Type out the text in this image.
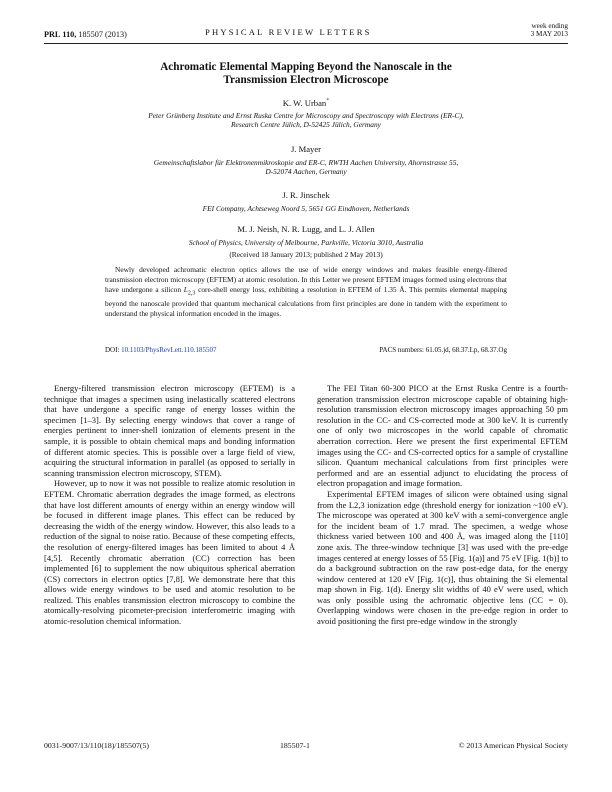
PRL 110, 185507 (2013)	PHYSICAL REVIEW LETTERS
week ending
3 MAY 2013
Achromatic Elemental Mapping Beyond the Nanoscale in the
Transmission Electron Microscope
K. W. Urban*
Peter Grünberg Institute and Ernst Ruska Centre for Microscopy and Spectroscopy with Electrons (ER-C),
Research Centre Jülich, D-52425 Jülich, Germany
J. Mayer
Gemeinschaftslabor für Elektronenmikroskopie and ER-C, RWTH Aachen University, Ahornstrasse 55,
D-52074 Aachen, Germany
J. R. Jinschek
FEI Company, Achtseweg Noord 5, 5651 GG Eindhoven, Netherlands
M. J. Neish, N. R. Lugg, and L. J. Allen
School of Physics, University of Melbourne, Parkville, Victoria 3010, Australia
(Received 18 January 2013; published 2 May 2013)
Newly developed achromatic electron optics allows the use of wide energy windows and makes feasible energy-filtered transmission electron microscopy (EFTEM) at atomic resolution. In this Letter we present EFTEM images formed using electrons that have undergone a silicon $L_{2,3}$ core-shell energy loss, exhibiting a resolution in EFTEM of 1.35 Å. This permits elemental mapping beyond the nanoscale provided that quantum mechanical calculations from first principles are done in tandem with the experiment to understand the physical information encoded in the images.
DOI: 10.1103/PhysRevLett.110.185507	PACS numbers: 61.05.jd, 68.37.Lp, 68.37.Og

Energy-filtered transmission electron microscopy (EFTEM) is a technique that images a specimen using inelastically scattered electrons that have undergone a specific range of energy losses within the specimen [1–3]. By selecting energy windows that cover a range of energies pertinent to inner-shell ionization of elements present in the sample, it is possible to obtain chemical maps and bonding information of different atomic species. This is possible over a large field of view, acquiring the structural information in parallel (as opposed to serially in scanning transmission electron microscopy, STEM).

However, up to now it was not possible to realize atomic resolution in EFTEM. Chromatic aberration degrades the image formed, as electrons that have lost different amounts of energy within an energy window will be focused in different image planes. This effect can be reduced by decreasing the width of the energy window. However, this also leads to a reduction of the signal to noise ratio. Because of these competing effects, the resolution of energy-filtered images has been limited to about 4 Å [4,5]. Recently chromatic aberration (CC) correction has been implemented [6] to supplement the now ubiquitous spherical aberration (CS) correctors in electron optics [7,8]. We demonstrate here that this allows wide energy windows to be used and atomic resolution to be realized. This enables transmission electron microscopy to combine the atomically-resolving picometer-precision interferometric imaging with atomic-resolution chemical information.

The FEI Titan 60-300 PICO at the Ernst Ruska Centre is a fourth-generation transmission electron microscope capable of obtaining high-resolution transmission electron microscopy images approaching 50 pm resolution in the CC- and CS-corrected mode at 300 keV. It is currently one of only two microscopes in the world capable of chromatic aberration correction. Here we present the first experimental EFTEM images using the CC- and CS-corrected optics for a sample of crystalline silicon. Quantum mechanical calculations from first principles were performed and are an essential adjunct to elucidating the process of electron propagation and image formation.

Experimental EFTEM images of silicon were obtained using signal from the L2,3 ionization edge (threshold energy for ionization ~100 eV). The microscope was operated at 300 keV with a semi-convergence angle for the incident beam of 1.7 mrad. The specimen, a wedge whose thickness varied between 100 and 400 Å, was imaged along the [110] zone axis. The three-window technique [3] was used with the pre-edge images centered at energy losses of 55 [Fig. 1(a)] and 75 eV [Fig. 1(b)] to do a background subtraction on the raw post-edge data, for the energy window centered at 120 eV [Fig. 1(c)], thus obtaining the Si elemental map shown in Fig. 1(d). Energy slit widths of 40 eV were used, which was only possible using the achromatic objective lens (CC = 0). Overlapping windows were chosen in the pre-edge region in order to avoid positioning the first pre-edge window in the strongly

0031-9007/13/110(18)/185507(5)	185507-1	© 2013 American Physical Society
